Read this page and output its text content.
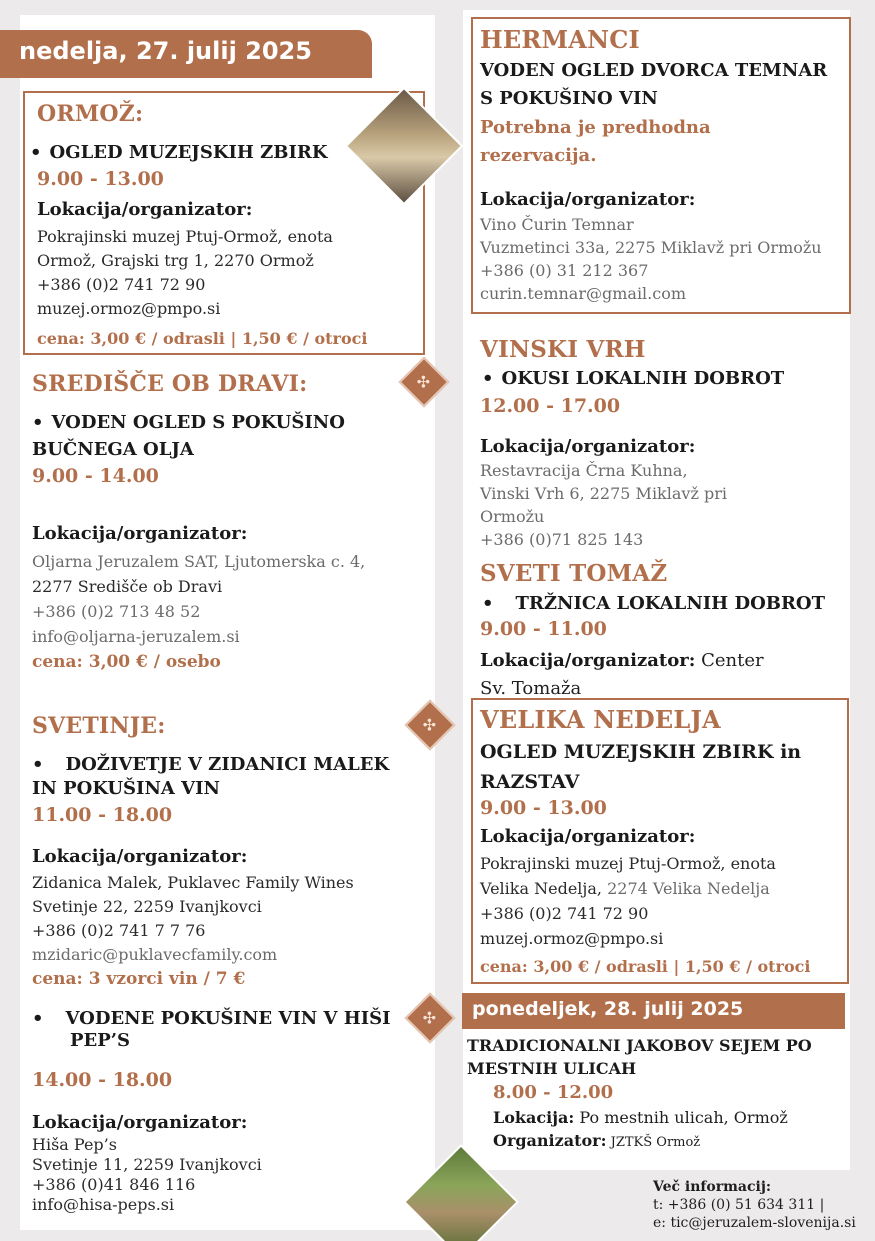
nedelja, 27. julij 2025
ORMOŽ:
• OGLED MUZEJSKIH ZBIRK
9.00 - 13.00
Lokacija/organizator:
Pokrajinski muzej Ptuj-Ormož, enota
Ormož, Grajski trg 1, 2270 Ormož
+386 (0)2 741 72 90
muzej.ormoz@pmpo.si
cena: 3,00 € / odrasli | 1,50 € / otroci
✣
✣
✣
SREDIŠČE OB DRAVI:
• VODEN OGLED S POKUŠINO
BUČNEGA OLJA
9.00 - 14.00
Lokacija/organizator:
Oljarna Jeruzalem SAT, Ljutomerska c. 4,
2277 Središče ob Dravi
+386 (0)2 713 48 52
info@oljarna-jeruzalem.si
cena: 3,00 € / osebo
SVETINJE:
• DOŽIVETJE V ZIDANICI MALEK
IN POKUŠINA VIN
11.00 - 18.00
Lokacija/organizator:
Zidanica Malek, Puklavec Family Wines
Svetinje 22, 2259 Ivanjkovci
+386 (0)2 741 7 7 76
mzidaric@puklavecfamily.com
cena: 3 vzorci vin / 7 €
• VODENE POKUŠINE VIN V HIŠI
PEP’S
14.00 - 18.00
Lokacija/organizator:
Hiša Pep’s
Svetinje 11, 2259 Ivanjkovci
+386 (0)41 846 116
info@hisa-peps.si
HERMANCI
VODEN OGLED DVORCA TEMNAR
S POKUŠINO VIN
Potrebna je predhodna
rezervacija.
Lokacija/organizator:
Vino Čurin Temnar
Vuzmetinci 33a, 2275 Miklavž pri Ormožu
+386 (0) 31 212 367
curin.temnar@gmail.com
VINSKI VRH
• OKUSI LOKALNIH DOBROT
12.00 - 17.00
Lokacija/organizator:
Restavracija Črna Kuhna,
Vinski Vrh 6, 2275 Miklavž pri
Ormožu
+386 (0)71 825 143
SVETI TOMAŽ
• TRŽNICA LOKALNIH DOBROT
9.00 - 11.00
Lokacija/organizator: Center
Sv. Tomaža
VELIKA NEDELJA
OGLED MUZEJSKIH ZBIRK in
RAZSTAV
9.00 - 13.00
Lokacija/organizator:
Pokrajinski muzej Ptuj-Ormož, enota
Velika Nedelja, 2274 Velika Nedelja
+386 (0)2 741 72 90
muzej.ormoz@pmpo.si
cena: 3,00 € / odrasli | 1,50 € / otroci
ponedeljek, 28. julij 2025
TRADICIONALNI JAKOBOV SEJEM PO
MESTNIH ULICAH
8.00 - 12.00
Lokacija: Po mestnih ulicah, Ormož
Organizator: JZTKŠ Ormož
Več informacij:
t: +386 (0) 51 634 311 |
e: tic@jeruzalem-slovenija.si
